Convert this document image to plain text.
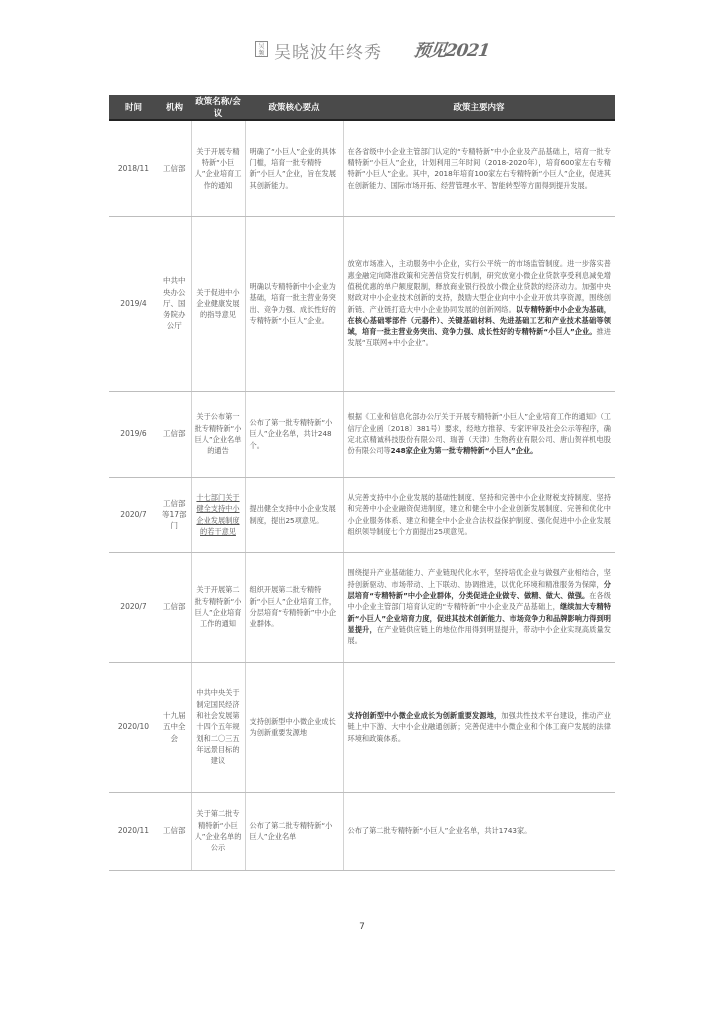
吴
频 吴晓波年终秀 预见2021
时间	机构	政策名称/会议	政策核心要点	政策主要内容
2018/11	工信部	关于开展专精特新“小巨人”企业培育工作的通知	明确了“小巨人”企业的具体门槛，培育一批专精特新“小巨人”企业，旨在发展其创新能力。	在各省级中小企业主管部门认定的“专精特新”中小企业及产品基础上，培育一批专精特新“小巨人”企业，计划利用三年时间（2018-2020年），培育600家左右专精特新“小巨人”企业。其中，2018年培育100家左右专精特新“小巨人”企业，促进其在创新能力、国际市场开拓、经营管理水平、智能转型等方面得到提升发展。
2019/4	中共中央办公厅、国务院办公厅	关于促进中小企业健康发展的指导意见	明确以专精特新中小企业为基础，培育一批主营业务突出、竞争力强、成长性好的专精特新“小巨人”企业。	放宽市场准入，主动服务中小企业，实行公平统一的市场监管制度。进一步落实普惠金融定向降准政策和完善信贷发行机制，研究放宽小微企业贷款享受利息减免增值税优惠的单户额度限制，释放商业银行投放小微企业贷款的经济动力。加强中央财政对中小企业技术创新的支持，鼓励大型企业向中小企业开放共享资源，围绕创新链、产业链打造大中小企业协同发展的创新网络。以专精特新中小企业为基础，在核心基础零部件（元器件）、关键基础材料、先进基础工艺和产业技术基础等领域，培育一批主营业务突出、竞争力强、成长性好的专精特新“小巨人”企业。推进发展“互联网+中小企业”。
2019/6	工信部	关于公布第一批专精特新“小巨人”企业名单的通告	公布了第一批专精特新“小巨人”企业名单，共计248个。	根据《工业和信息化部办公厅关于开展专精特新“小巨人”企业培育工作的通知》（工信厅企业函〔2018〕381号）要求，经地方推荐、专家评审及社会公示等程序，确定北京精诚科技股份有限公司、瑞普（天津）生物药业有限公司、唐山贺祥机电股份有限公司等248家企业为第一批专精特新“小巨人”企业。
2020/7	工信部等17部门	十七部门关于健全支持中小企业发展制度的若干意见	提出健全支持中小企业发展制度，提出25项意见。	从完善支持中小企业发展的基础性制度、坚持和完善中小企业财税支持制度、坚持和完善中小企业融资促进制度，建立和健全中小企业创新发展制度、完善和优化中小企业服务体系、建立和健全中小企业合法权益保护制度、强化促进中小企业发展组织领导制度七个方面提出25项意见。
2020/7	工信部	关于开展第二批专精特新“小巨人”企业培育工作的通知	组织开展第二批专精特新“小巨人”企业培育工作，分层培育“专精特新”中小企业群体。	围绕提升产业基础能力、产业链现代化水平，坚持培优企业与做强产业相结合，坚持创新驱动、市场带动、上下联动、协调推进，以优化环境和精准服务为保障，分层培育“专精特新”中小企业群体，分类促进企业做专、做精、做大、做强。在各级中小企业主管部门培育认定的“专精特新”中小企业及产品基础上，继续加大专精特新“小巨人”企业培育力度，促进其技术创新能力、市场竞争力和品牌影响力得到明显提升，在产业链供应链上的地位作用得到明显提升，带动中小企业实现高质量发展。
2020/10	十九届五中全会	中共中央关于制定国民经济和社会发展第十四个五年规划和二〇三五年远景目标的建议	支持创新型中小微企业成长为创新重要发源地	支持创新型中小微企业成长为创新重要发源地，加强共性技术平台建设，推动产业链上中下游、大中小企业融通创新；完善促进中小微企业和个体工商户发展的法律环境和政策体系。
2020/11	工信部	关于第二批专精特新“小巨人”企业名单的公示	公布了第二批专精特新“小巨人”企业名单	公布了第二批专精特新“小巨人”企业名单，共计1743家。
7
